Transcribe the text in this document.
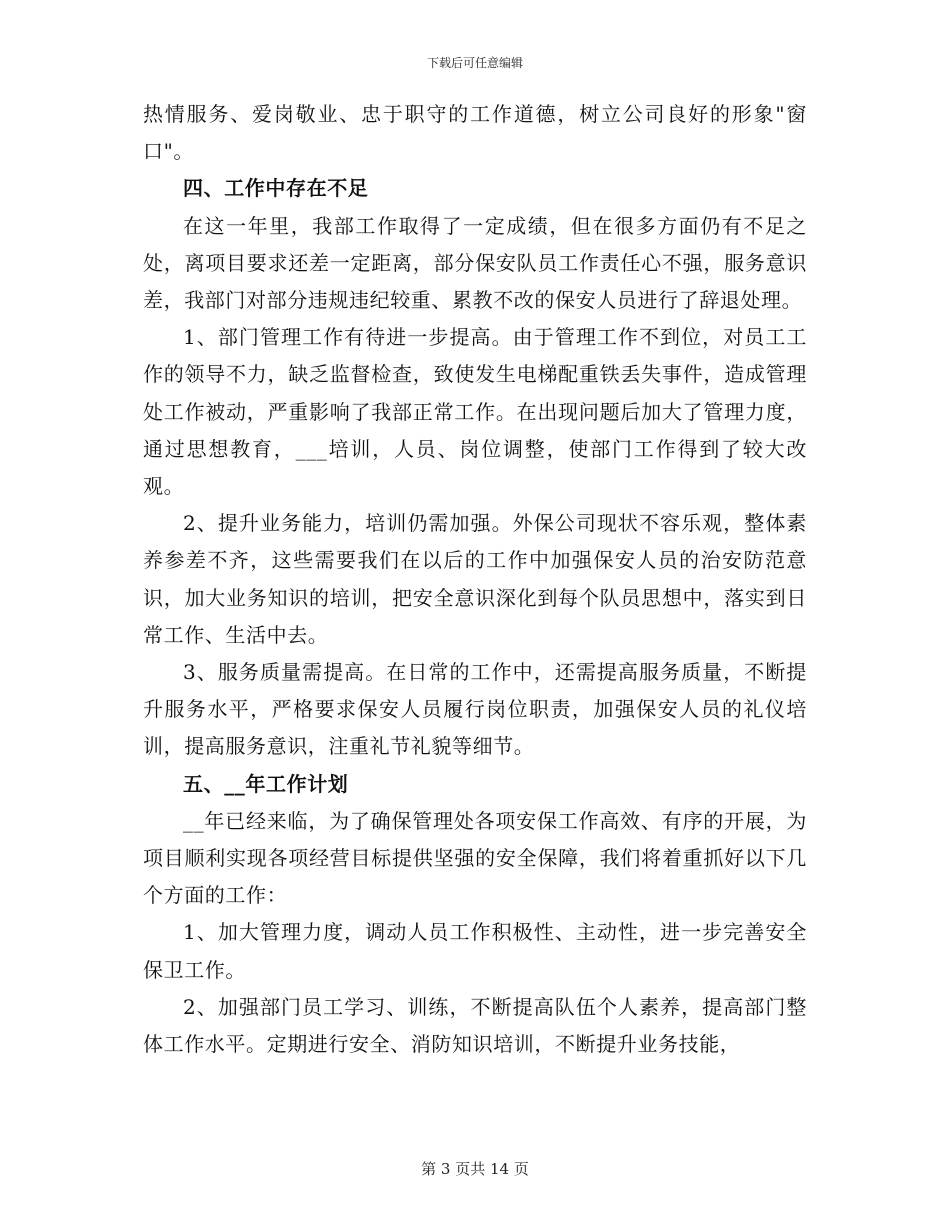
下载后可任意编辑

热情服务、爱岗敬业、忠于职守的工作道德，树立公司良好的形象"窗口"。

四、工作中存在不足

在这一年里，我部工作取得了一定成绩，但在很多方面仍有不足之处，离项目要求还差一定距离，部分保安队员工作责任心不强，服务意识差，我部门对部分违规违纪较重、累教不改的保安人员进行了辞退处理。

1、部门管理工作有待进一步提高。由于管理工作不到位，对员工工作的领导不力，缺乏监督检查，致使发生电梯配重铁丢失事件，造成管理处工作被动，严重影响了我部正常工作。在出现问题后加大了管理力度，通过思想教育，___培训，人员、岗位调整，使部门工作得到了较大改观。

2、提升业务能力，培训仍需加强。外保公司现状不容乐观，整体素养参差不齐，这些需要我们在以后的工作中加强保安人员的治安防范意识，加大业务知识的培训，把安全意识深化到每个队员思想中，落实到日常工作、生活中去。

3、服务质量需提高。在日常的工作中，还需提高服务质量，不断提升服务水平，严格要求保安人员履行岗位职责，加强保安人员的礼仪培训，提高服务意识，注重礼节礼貌等细节。

五、__年工作计划

__年已经来临，为了确保管理处各项安保工作高效、有序的开展，为项目顺利实现各项经营目标提供坚强的安全保障，我们将着重抓好以下几个方面的工作：

1、加大管理力度，调动人员工作积极性、主动性，进一步完善安全保卫工作。

2、加强部门员工学习、训练，不断提高队伍个人素养，提高部门整体工作水平。定期进行安全、消防知识培训，不断提升业务技能，

第 3 页共 14 页
